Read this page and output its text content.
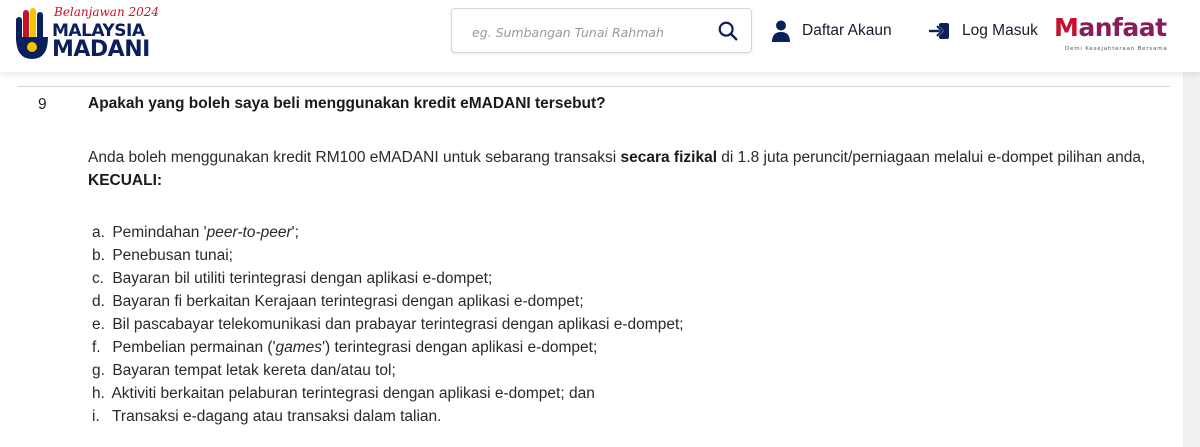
Belanjawan 2024
MALAYSIA
MADANI
eg. Sumbangan Tunai Rahmah
Daftar Akaun	Log Masuk Manfaat
Demi Kesejahteraan Bersama
9	Apakah yang boleh saya beli menggunakan kredit eMADANI tersebut?
Anda boleh menggunakan kredit RM100 eMADANI untuk sebarang transaksi secara fizikal di 1.8 juta peruncit/perniagaan melalui e-dompet pilihan anda, KECUALI:
a. Pemindahan 'peer-to-peer';
b. Penebusan tunai;
c. Bayaran bil utiliti terintegrasi dengan aplikasi e-dompet;
d. Bayaran fi berkaitan Kerajaan terintegrasi dengan aplikasi e-dompet;
e. Bil pascabayar telekomunikasi dan prabayar terintegrasi dengan aplikasi e-dompet;
f. Pembelian permainan ('games') terintegrasi dengan aplikasi e-dompet;
g. Bayaran tempat letak kereta dan/atau tol;
h. Aktiviti berkaitan pelaburan terintegrasi dengan aplikasi e-dompet; dan
i. Transaksi e-dagang atau transaksi dalam talian.
